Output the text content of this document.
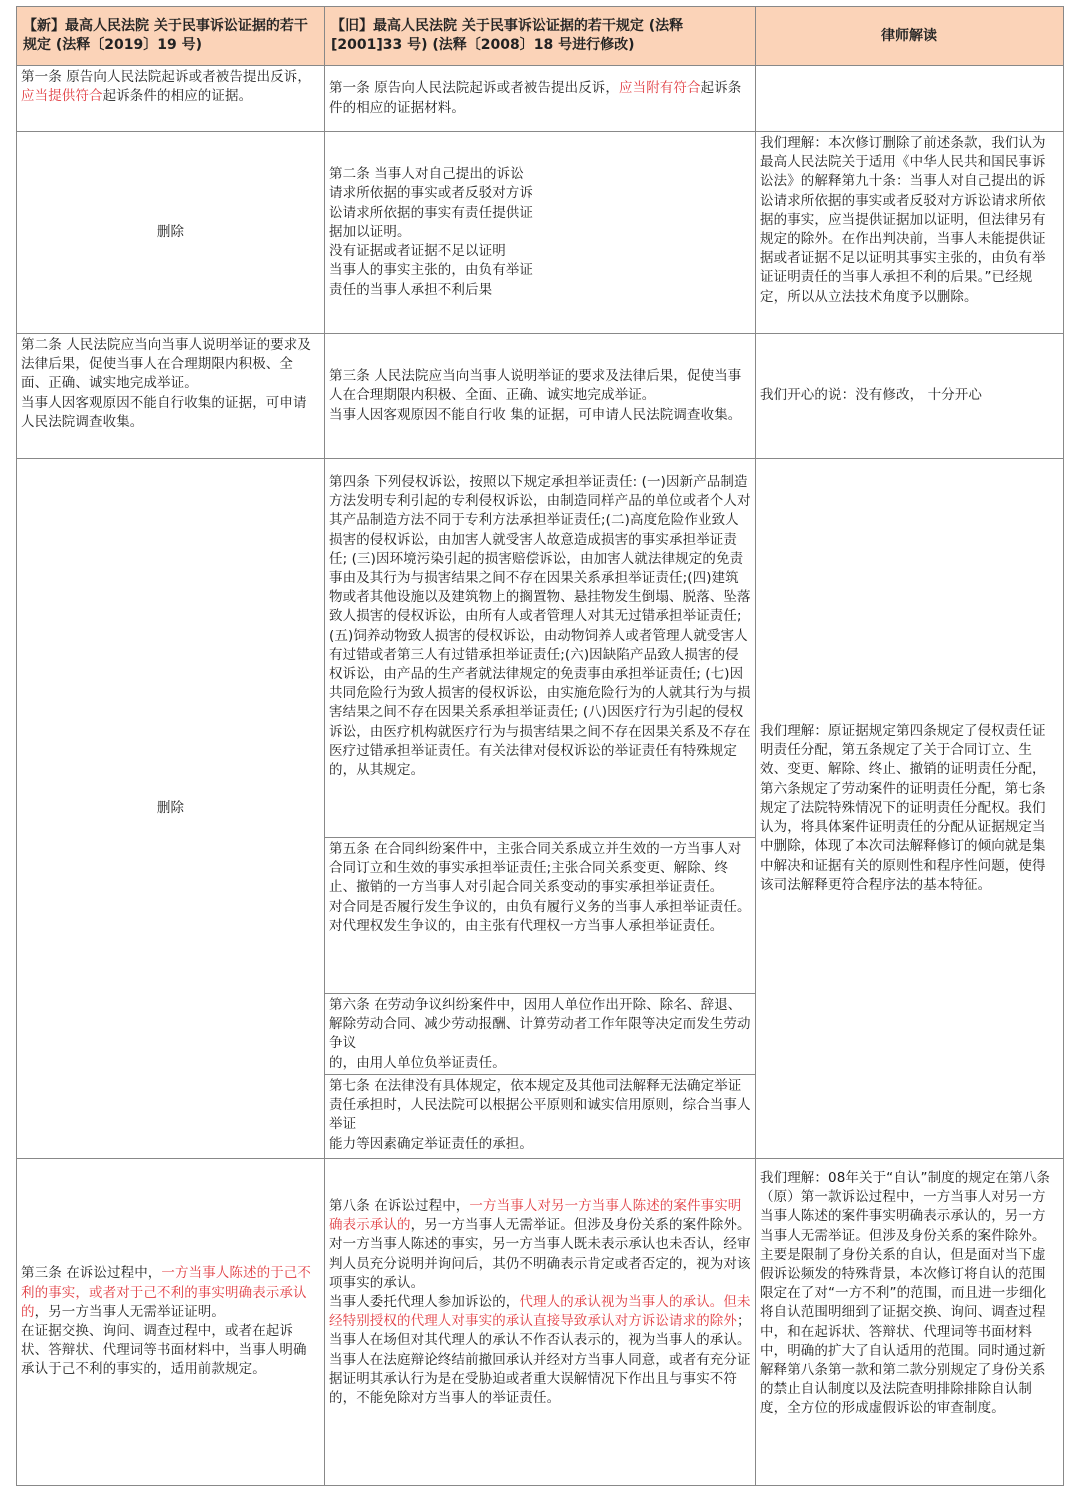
【新】最高人民法院 关于民事诉讼证据的若干规定 (法释〔2019〕19 号)
【旧】最高人民法院 关于民事诉讼证据的若干规定 (法释[2001]33 号) (法释〔2008〕18 号进行修改)
律师解读
第一条 原告向人民法院起诉或者被告提出反诉，应当提供符合起诉条件的相应的证据。	第一条 原告向人民法院起诉或者被告提出反诉，应当附有符合起诉条件的相应的证据材料。

删除
第二条 当事人对自己提出的诉讼
请求所依据的事实或者反驳对方诉
讼请求所依据的事实有责任提供证
据加以证明。
没有证据或者证据不足以证明
当事人的事实主张的，由负有举证
责任的当事人承担不利后果
我们理解：本次修订删除了前述条款，我们认为最高人民法院关于适用《中华人民共和国民事诉讼法》的解释第九十条：当事人对自己提出的诉讼请求所依据的事实或者反驳对方诉讼请求所依据的事实，应当提供证据加以证明，但法律另有规定的除外。在作出判决前，当事人未能提供证据或者证据不足以证明其事实主张的，由负有举证证明责任的当事人承担不利的后果。”已经规定，所以从立法技术角度予以删除。
第二条 人民法院应当向当事人说明举证的要求及法律后果，促使当事人在合理期限内积极、全面、正确、诚实地完成举证。
当事人因客观原因不能自行收集的证据，可申请人民法院调查收集。
第三条 人民法院应当向当事人说明举证的要求及法律后果，促使当事人在合理期限内积极、全面、正确、诚实地完成举证。
当事人因客观原因不能自行收 集的证据，可申请人民法院调查收集。
我们开心的说：没有修改， 十分开心
删除
第四条 下列侵权诉讼，按照以下规定承担举证责任: (一)因新产品制造方法发明专利引起的专利侵权诉讼，由制造同样产品的单位或者个人对其产品制造方法不同于专利方法承担举证责任;(二)高度危险作业致人损害的侵权诉讼，由加害人就受害人故意造成损害的事实承担举证责任; (三)因环境污染引起的损害赔偿诉讼，由加害人就法律规定的免责事由及其行为与损害结果之间不存在因果关系承担举证责任;(四)建筑物或者其他设施以及建筑物上的搁置物、悬挂物发生倒塌、脱落、坠落致人损害的侵权诉讼，由所有人或者管理人对其无过错承担举证责任;(五)饲养动物致人损害的侵权诉讼，由动物饲养人或者管理人就受害人有过错或者第三人有过错承担举证责任;(六)因缺陷产品致人损害的侵权诉讼，由产品的生产者就法律规定的免责事由承担举证责任; (七)因共同危险行为致人损害的侵权诉讼，由实施危险行为的人就其行为与损害结果之间不存在因果关系承担举证责任; (八)因医疗行为引起的侵权诉讼，由医疗机构就医疗行为与损害结果之间不存在因果关系及不存在医疗过错承担举证责任。有关法律对侵权诉讼的举证责任有特殊规定的，从其规定。
第五条 在合同纠纷案件中，主张合同关系成立并生效的一方当事人对合同订立和生效的事实承担举证责任;主张合同关系变更、解除、终止、撤销的一方当事人对引起合同关系变动的事实承担举证责任。
对合同是否履行发生争议的，由负有履行义务的当事人承担举证责任。
对代理权发生争议的，由主张有代理权一方当事人承担举证责任。
第六条 在劳动争议纠纷案件中，因用人单位作出开除、除名、辞退、解除劳动合同、减少劳动报酬、计算劳动者工作年限等决定而发生劳动争议
的，由用人单位负举证责任。
第七条 在法律没有具体规定，依本规定及其他司法解释无法确定举证责任承担时，人民法院可以根据公平原则和诚实信用原则，综合当事人举证
能力等因素确定举证责任的承担。
我们理解：原证据规定第四条规定了侵权责任证明责任分配，第五条规定了关于合同订立、生效、变更、解除、终止、撤销的证明责任分配，第六条规定了劳动案件的证明责任分配，第七条规定了法院特殊情况下的证明责任分配权。我们认为，将具体案件证明责任的分配从证据规定当中删除，体现了本次司法解释修订的倾向就是集中解决和证据有关的原则性和程序性问题，使得该司法解释更符合程序法的基本特征。

第三条 在诉讼过程中，一方当事人陈述的于己不利的事实，或者对于己不利的事实明确表示承认的，另一方当事人无需举证证明。

在证据交换、询问、调查过程中，或者在起诉状、答辩状、代理词等书面材料中，当事人明确承认于己不利的事实的，适用前款规定。

第八条 在诉讼过程中，一方当事人对另一方当事人陈述的案件事实明确表示承认的，另一方当事人无需举证。但涉及身份关系的案件除外。

对一方当事人陈述的事实，另一方当事人既未表示承认也未否认，经审判人员充分说明并询问后，其仍不明确表示肯定或者否定的，视为对该项事实的承认。

当事人委托代理人参加诉讼的，代理人的承认视为当事人的承认。但未经特别授权的代理人对事实的承认直接导致承认对方诉讼请求的除外；当事人在场但对其代理人的承认不作否认表示的，视为当事人的承认。

当事人在法庭辩论终结前撤回承认并经对方当事人同意，或者有充分证据证明其承认行为是在受胁迫或者重大误解情况下作出且与事实不符的，不能免除对方当事人的举证责任。

我们理解：08年关于“自认”制度的规定在第八条（原）第一款诉讼过程中，一方当事人对另一方当事人陈述的案件事实明确表示承认的，另一方当事人无需举证。但涉及身份关系的案件除外。主要是限制了身份关系的自认，但是面对当下虚假诉讼频发的特殊背景，本次修订将自认的范围限定在了对“一方不利”的范围，而且进一步细化将自认范围明细到了证据交换、询问、调查过程中，和在起诉状、答辩状、代理词等书面材料中，明确的扩大了自认适用的范围。同时通过新解释第八条第一款和第二款分别规定了身份关系的禁止自认制度以及法院查明排除排除自认制度，全方位的形成虚假诉讼的审查制度。
